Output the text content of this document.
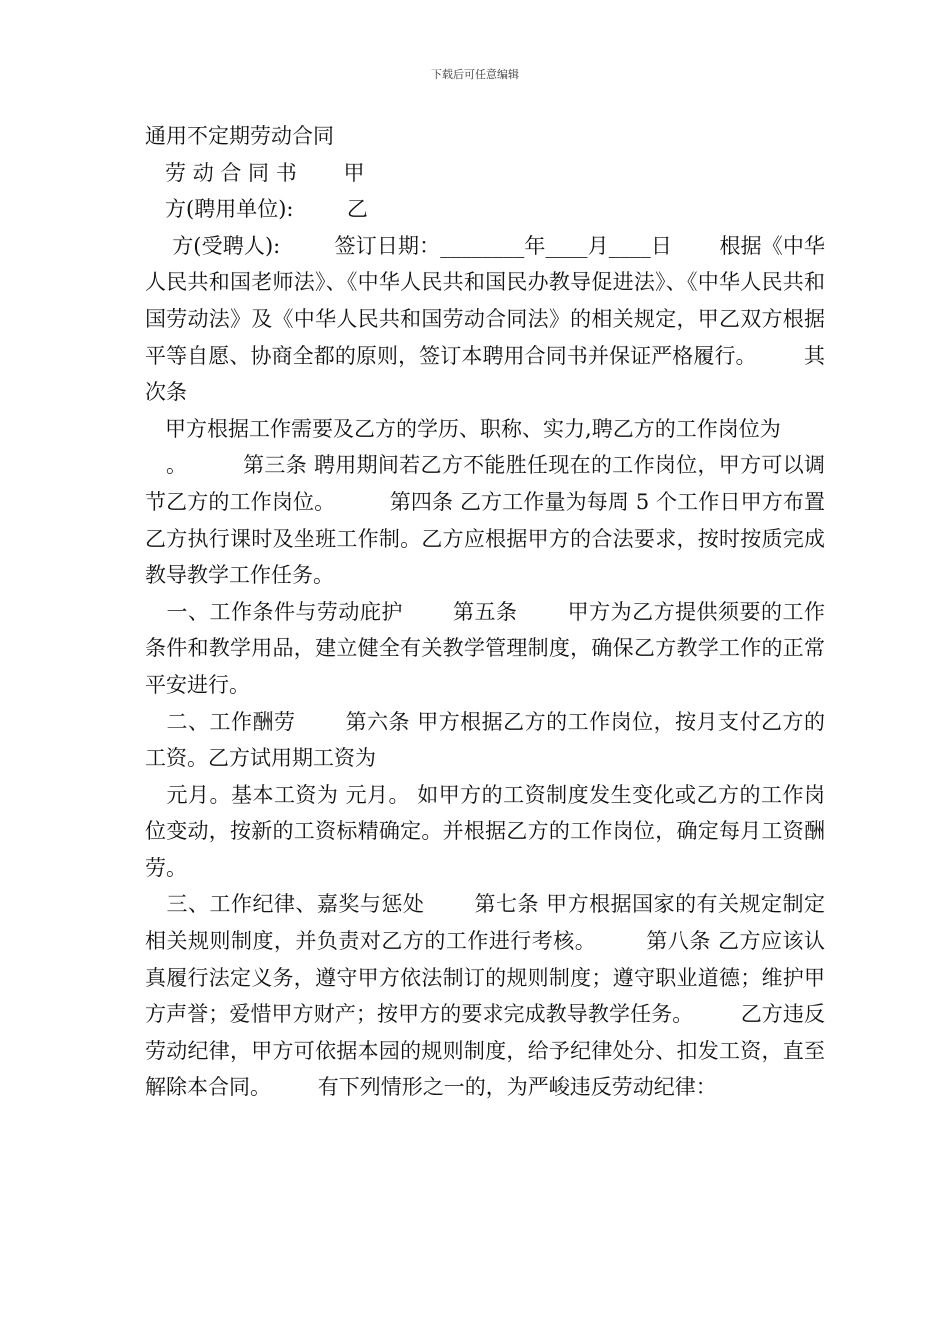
下载后可任意编辑
通用不定期劳动合同

劳 动 合 同 书       甲

方(聘用单位):        乙

方(受聘人):        签订日期：________年____月____日       根据《中华人民共和国老师法》、《中华人民共和国民办教导促进法》、《中华人民共和国劳动法》及《中华人民共和国劳动合同法》的相关规定，甲乙双方根据平等自愿、协商全都的原则，签订本聘用合同书并保证严格履行。       其次条

甲方根据工作需要及乙方的学历、职称、实力,聘乙方的工作岗位为

。        第三条 聘用期间若乙方不能胜任现在的工作岗位，甲方可以调节乙方的工作岗位。        第四条 乙方工作量为每周 5 个工作日甲方布置乙方执行课时及坐班工作制。乙方应根据甲方的合法要求，按时按质完成教导教学工作任务。

一、工作条件与劳动庇护       第五条       甲方为乙方提供须要的工作条件和教学用品，建立健全有关教学管理制度，确保乙方教学工作的正常平安进行。

二、工作酬劳       第六条 甲方根据乙方的工作岗位，按月支付乙方的工资。乙方试用期工资为

元月。基本工资为 元月。 如甲方的工资制度发生变化或乙方的工作岗位变动，按新的工资标精确定。并根据乙方的工作岗位，确定每月工资酬劳。

三、工作纪律、嘉奖与惩处       第七条 甲方根据国家的有关规定制定相关规则制度，并负责对乙方的工作进行考核。       第八条 乙方应该认真履行法定义务，遵守甲方依法制订的规则制度；遵守职业道德；维护甲方声誉；爱惜甲方财产；按甲方的要求完成教导教学任务。       乙方违反劳动纪律，甲方可依据本园的规则制度，给予纪律处分、扣发工资，直至解除本合同。       有下列情形之一的，为严峻违反劳动纪律：
